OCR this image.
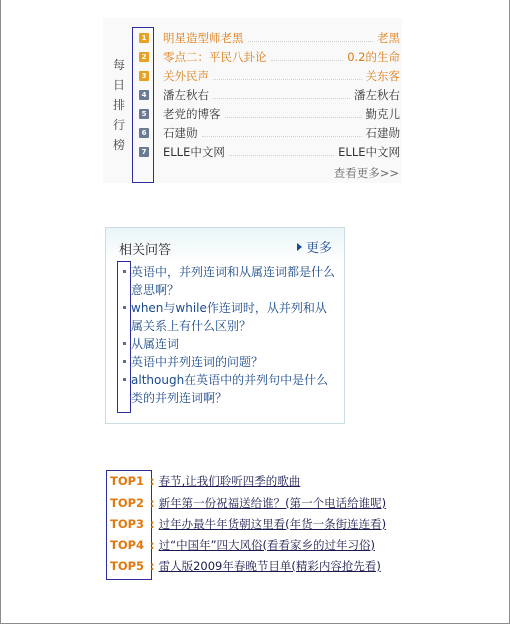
每日排行榜
1 明星造型师老黑	老黑
2 零点二：平民八卦论	0.2的生命
3 关外民声	关东客
4 潘左秋右	潘左秋右
5 老党的博客	勤克儿
6 石建勋	石建勋
7 ELLE中文网	ELLE中文网
查看更多>>
相关问答	更多
英语中，并列连词和从属连词都是什么意思啊？
when与while作连词时，从并列和从属关系上有什么区别？
从属连词
英语中并列连词的问题？
although在英语中的并列句中是什么类的并列连词啊？
TOP1 : 春节,让我们聆听四季的歌曲
TOP2 : 新年第一份祝福送给谁？(第一个电话给谁呢)
TOP3 : 过年办最牛年货朝这里看(年货一条街连连看)
TOP4 : 过“中国年”四大风俗(看看家乡的过年习俗)
TOP5 : 雷人版2009年春晚节目单(精彩内容抢先看)
